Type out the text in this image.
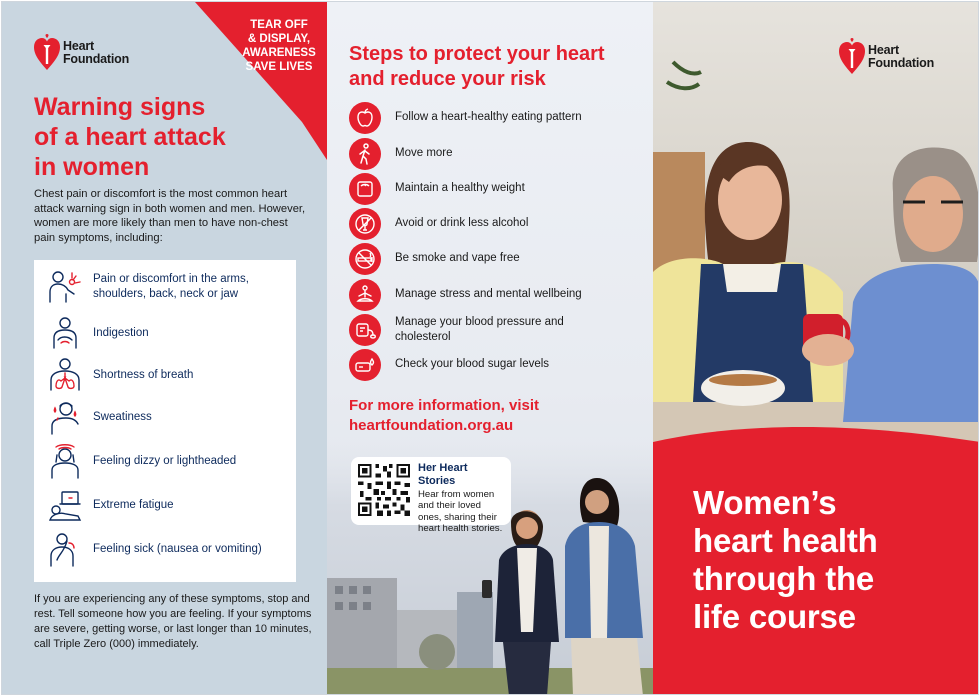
TEAR OFF
& DISPLAY,
AWARENESS
SAVE LIVES
Heart
Foundation
Warning signs
of a heart attack
in women

Chest pain or discomfort is the most common heart attack warning sign in both women and men. However, women are more likely than men to have non-chest pain symptoms, including:

Pain or discomfort in the arms, shoulders, back, neck or jaw
Indigestion
Shortness of breath
Sweatiness
Feeling dizzy or lightheaded
Extreme fatigue
Feeling sick (nausea or vomiting)

If you are experiencing any of these symptoms, stop and rest. Tell someone how you are feeling. If your symptoms are severe, getting worse, or last longer than 10 minutes, call Triple Zero (000) immediately.

Steps to protect your heart
and reduce your risk
Follow a heart-healthy eating pattern
Move more
Maintain a healthy weight
Avoid or drink less alcohol
Be smoke and vape free
Manage stress and mental wellbeing
Manage your blood pressure and cholesterol
Check your blood sugar levels
For more information, visit
heartfoundation.org.au
Her Heart Stories
Hear from women and their loved ones, sharing their heart health stories.
Heart
Foundation
Women’s
heart health
through the
life course
